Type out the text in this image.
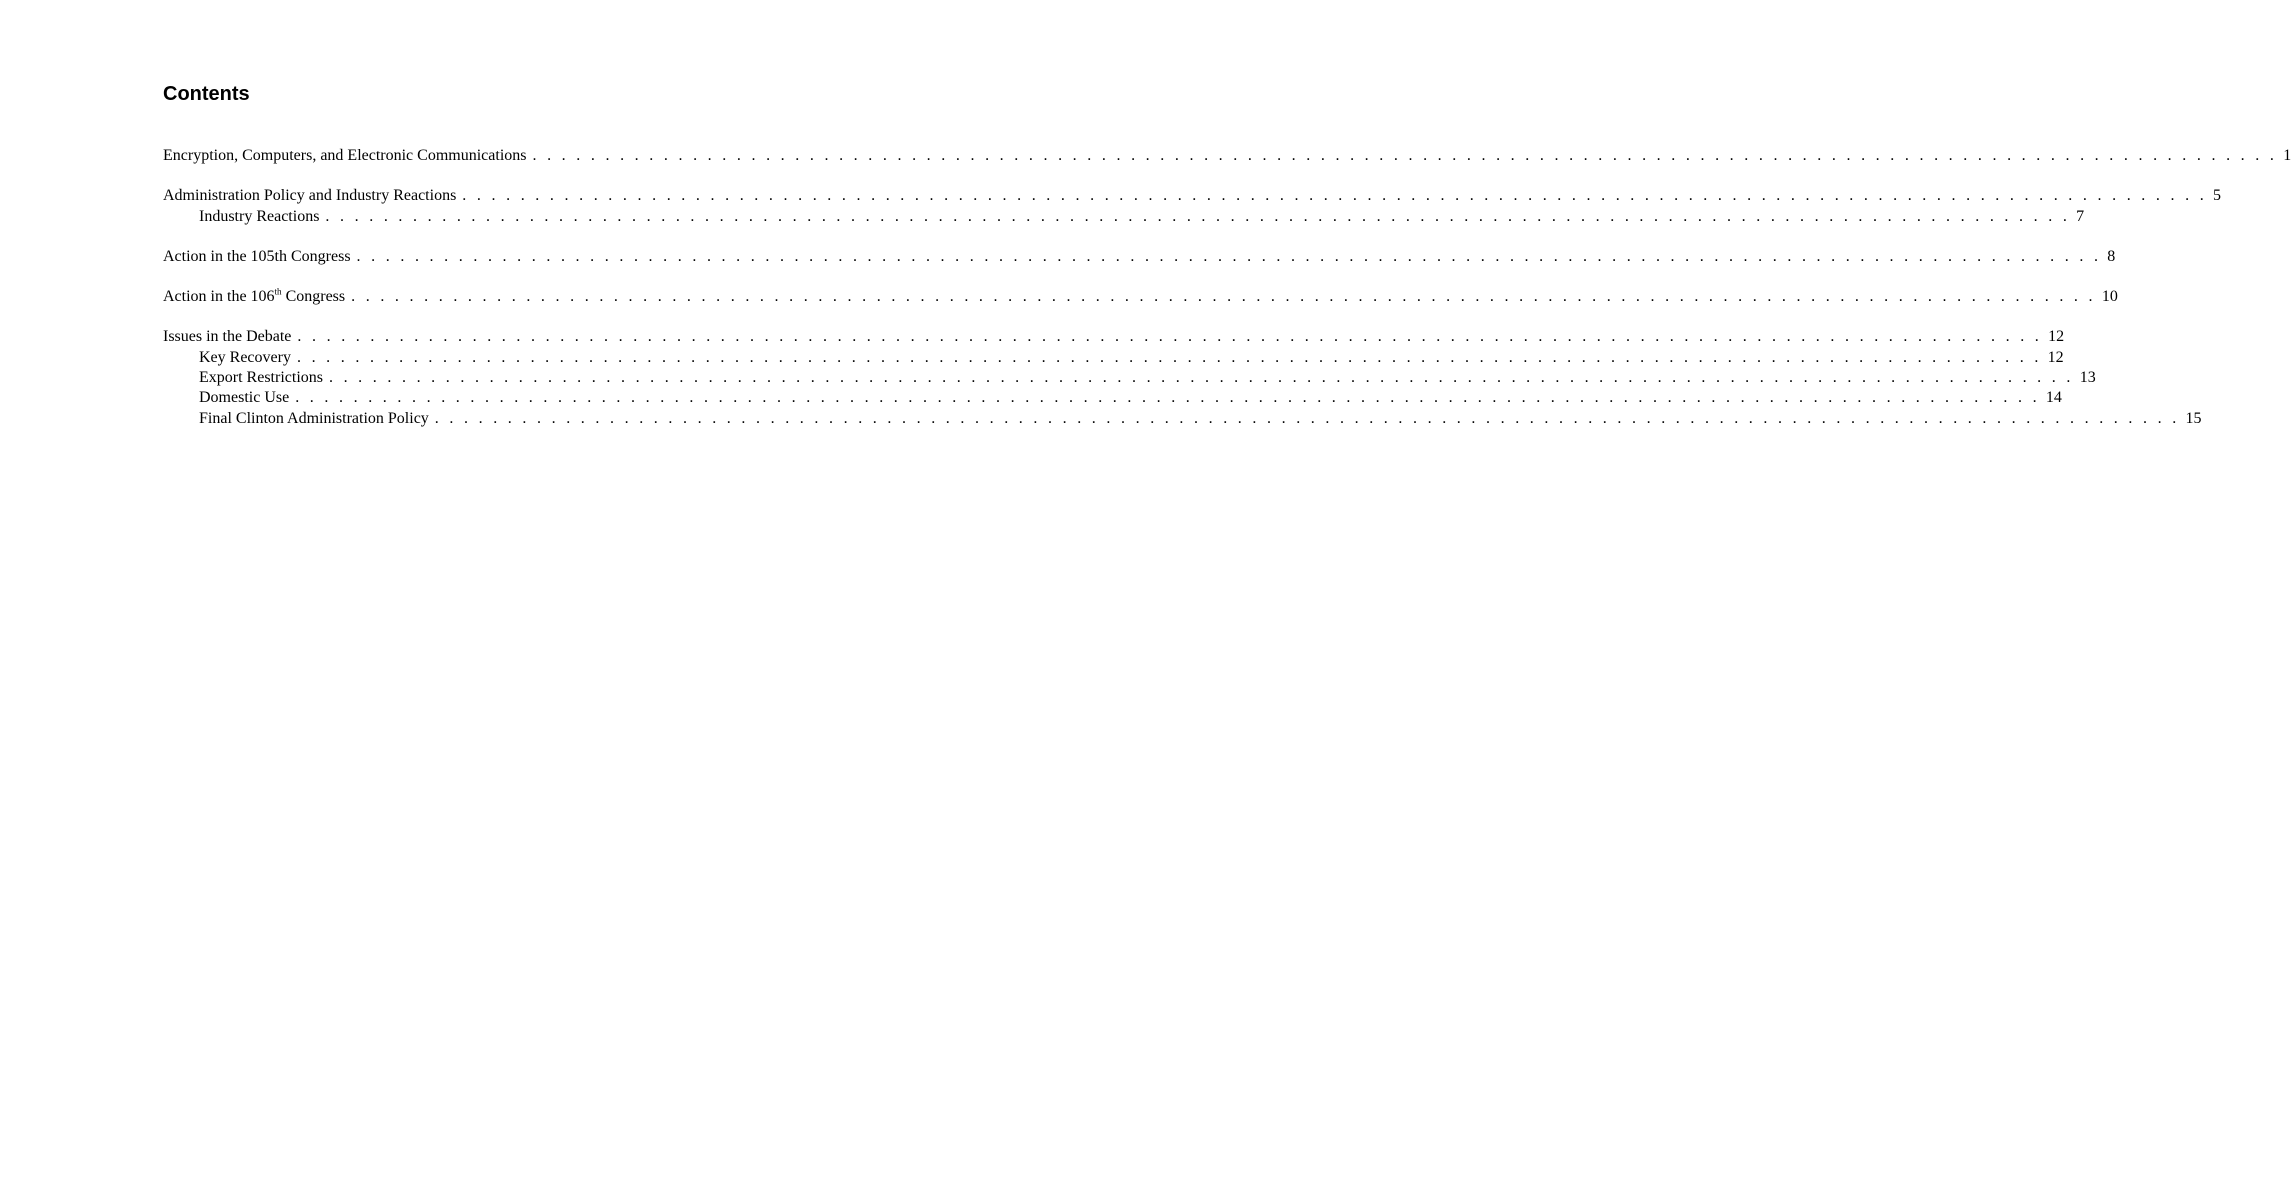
Contents
Encryption, Computers, and Electronic Communications . . . . . . . . . . . . . . . . . . . . . . . . . . . . . . . . . . . . . . . . . . . . . . . . . . . . . . . . . . . . . . . . . . . . . . . . . . . . . . . . . . . . . . . . . . . . . . . . . . . . . . . . . . . . . . . . . . . . . . . . 1
Administration Policy and Industry Reactions . . . . . . . . . . . . . . . . . . . . . . . . . . . . . . . . . . . . . . . . . . . . . . . . . . . . . . . . . . . . . . . . . . . . . . . . . . . . . . . . . . . . . . . . . . . . . . . . . . . . . . . . . . . . . . . . . . . . . . . . 5
Industry Reactions . . . . . . . . . . . . . . . . . . . . . . . . . . . . . . . . . . . . . . . . . . . . . . . . . . . . . . . . . . . . . . . . . . . . . . . . . . . . . . . . . . . . . . . . . . . . . . . . . . . . . . . . . . . . . . . . . . . . . . . . 7
Action in the 105th Congress . . . . . . . . . . . . . . . . . . . . . . . . . . . . . . . . . . . . . . . . . . . . . . . . . . . . . . . . . . . . . . . . . . . . . . . . . . . . . . . . . . . . . . . . . . . . . . . . . . . . . . . . . . . . . . . . . . . . . . . . 8
Action in the 106th Congress . . . . . . . . . . . . . . . . . . . . . . . . . . . . . . . . . . . . . . . . . . . . . . . . . . . . . . . . . . . . . . . . . . . . . . . . . . . . . . . . . . . . . . . . . . . . . . . . . . . . . . . . . . . . . . . . . . . . . . . . 10
Issues in the Debate . . . . . . . . . . . . . . . . . . . . . . . . . . . . . . . . . . . . . . . . . . . . . . . . . . . . . . . . . . . . . . . . . . . . . . . . . . . . . . . . . . . . . . . . . . . . . . . . . . . . . . . . . . . . . . . . . . . . . . . . 12
Key Recovery . . . . . . . . . . . . . . . . . . . . . . . . . . . . . . . . . . . . . . . . . . . . . . . . . . . . . . . . . . . . . . . . . . . . . . . . . . . . . . . . . . . . . . . . . . . . . . . . . . . . . . . . . . . . . . . . . . . . . . . . 12
Export Restrictions . . . . . . . . . . . . . . . . . . . . . . . . . . . . . . . . . . . . . . . . . . . . . . . . . . . . . . . . . . . . . . . . . . . . . . . . . . . . . . . . . . . . . . . . . . . . . . . . . . . . . . . . . . . . . . . . . . . . . . . . 13
Domestic Use . . . . . . . . . . . . . . . . . . . . . . . . . . . . . . . . . . . . . . . . . . . . . . . . . . . . . . . . . . . . . . . . . . . . . . . . . . . . . . . . . . . . . . . . . . . . . . . . . . . . . . . . . . . . . . . . . . . . . . . . 14
Final Clinton Administration Policy . . . . . . . . . . . . . . . . . . . . . . . . . . . . . . . . . . . . . . . . . . . . . . . . . . . . . . . . . . . . . . . . . . . . . . . . . . . . . . . . . . . . . . . . . . . . . . . . . . . . . . . . . . . . . . . . . . . . . . . . 15
